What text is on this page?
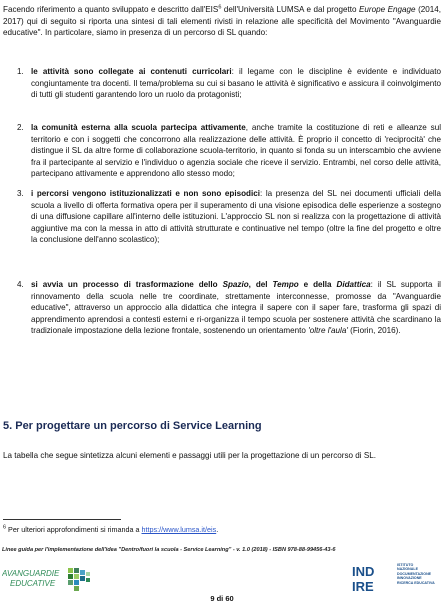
Facendo riferimento a quanto sviluppato e descritto dall'EIS$^6$ dell'Università LUMSA e dal progetto Europe Engage (2014, 2017) qui di seguito si riporta una sintesi di tali elementi rivisti in relazione alle specificità del Movimento "Avanguardie educative". In particolare, siamo in presenza di un percorso di SL quando:
1. le attività sono collegate ai contenuti curricolari: il legame con le discipline è evidente e individuato congiuntamente tra docenti. Il tema/problema su cui si basano le attività è significativo e assicura il coinvolgimento di tutti gli studenti garantendo loro un ruolo da protagonisti;
2. la comunità esterna alla scuola partecipa attivamente, anche tramite la costituzione di reti e alleanze sul territorio e con i soggetti che concorrono alla realizzazione delle attività. È proprio il concetto di 'reciprocità' che distingue il SL da altre forme di collaborazione scuola-territorio, in quanto si fonda su un interscambio che avviene fra il partecipante al servizio e l'individuo o agenzia sociale che riceve il servizio. Entrambi, nel corso delle attività, partecipano attivamente e apprendono allo stesso modo;
3. i percorsi vengono istituzionalizzati e non sono episodici: la presenza del SL nei documenti ufficiali della scuola a livello di offerta formativa opera per il superamento di una visione episodica delle esperienze a sostegno di una diffusione capillare all'interno delle istituzioni. L'approccio SL non si realizza con la progettazione di attività aggiuntive ma con la messa in atto di attività strutturate e continuative nel tempo (oltre la fine del progetto e oltre la conclusione dell'anno scolastico);
4. si avvia un processo di trasformazione dello Spazio, del Tempo e della Didattica: il SL supporta il rinnovamento della scuola nelle tre coordinate, strettamente interconnesse, promosse da "Avanguardie educative", attraverso un approccio alla didattica che integra il sapere con il saper fare, trasforma gli spazi di apprendimento aprendosi a contesti esterni e ri-organizza il tempo scuola per sostenere attività che scardinano la tradizionale impostazione della lezione frontale, sostenendo un orientamento 'oltre l'aula' (Fiorin, 2016).
5. Per progettare un percorso di Service Learning
La tabella che segue sintetizza alcuni elementi e passaggi utili per la progettazione di un percorso di SL.
$^6$ Per ulteriori approfondimenti si rimanda a https://www.lumsa.it/eis.
Linee guida per l'implementazione dell'idea "Dentro/fuori la scuola - Service Learning" - v. 1.0 (2018) - ISBN 978-88-99456-43-6
AVANGUARDIE
EDUCATIVE
9 di 60
IND
IRE
ISTITUTO
NAZIONALE
DOCUMENTAZIONE
INNOVAZIONE
RICERCA EDUCATIVA
